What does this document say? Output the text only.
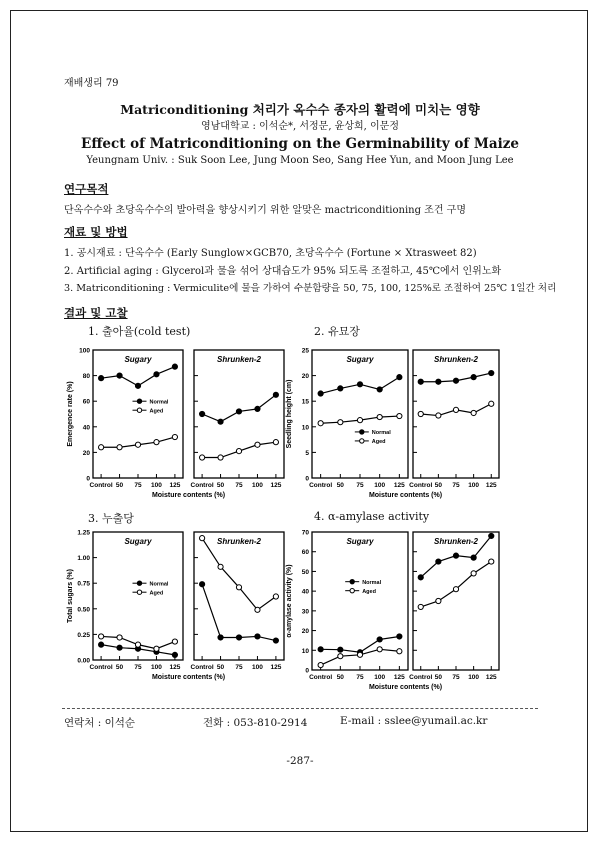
재배생리 79
Matriconditioning 처리가 옥수수 종자의 활력에 미치는 영향
영남대학교 : 이석순*, 서정문, 윤상희, 이문정
Effect of Matriconditioning on the Germinability of Maize
Yeungnam Univ. : Suk Soon Lee, Jung Moon Seo, Sang Hee Yun, and Moon Jung Lee
연구목적
단옥수수와 초당옥수수의 발아력을 향상시키기 위한 알맞은 mactriconditioning 조건 구명
재료 및 방법
1. 공시재료 : 단옥수수 (Early Sunglow×GCB70, 초당옥수수 (Fortune × Xtrasweet 82)
2. Artificial aging : Glycerol과 물을 섞어 상대습도가 95% 되도록 조절하고, 45℃에서 인위노화
3. Matriconditioning : Vermiculite에 물을 가하여 수분함량을 50, 75, 100, 125%로 조절하여 25℃ 1일간 처리
결과 및 고찰
1. 출아율(cold test)	2. 유묘장
3. 누출당	4. α-amylase activity
0
20
40
60
80
100
Control 50 75 100 125
Sugary
Normal
Aged
Control 50 75 100 125
Shrunken-2
Emergence rate (%)
Moisture contents (%)
0
5
10
15
20
25
Control 50 75 100 125
Sugary
Normal
Aged
Control 50 75 100 125
Shrunken-2
Seedling height (cm)
Moisture contents (%)
0.00
0.25
0.50
0.75
1.00
1.25
Control 50 75 100 125
Sugary
Normal
Aged
Control 50 75 100 125
Shrunken-2
Total sugars (%)
Moisture contents (%)
0
10
20
30
40
50
60
70
Control 50 75 100 125
Sugary
Normal
Aged
Control 50 75 100 125
Shrunken-2
α-amylase activity (%)
Moisture contents (%)
연락처 : 이석순	전화 : 053-810-2914	E-mail : sslee@yumail.ac.kr
-287-
